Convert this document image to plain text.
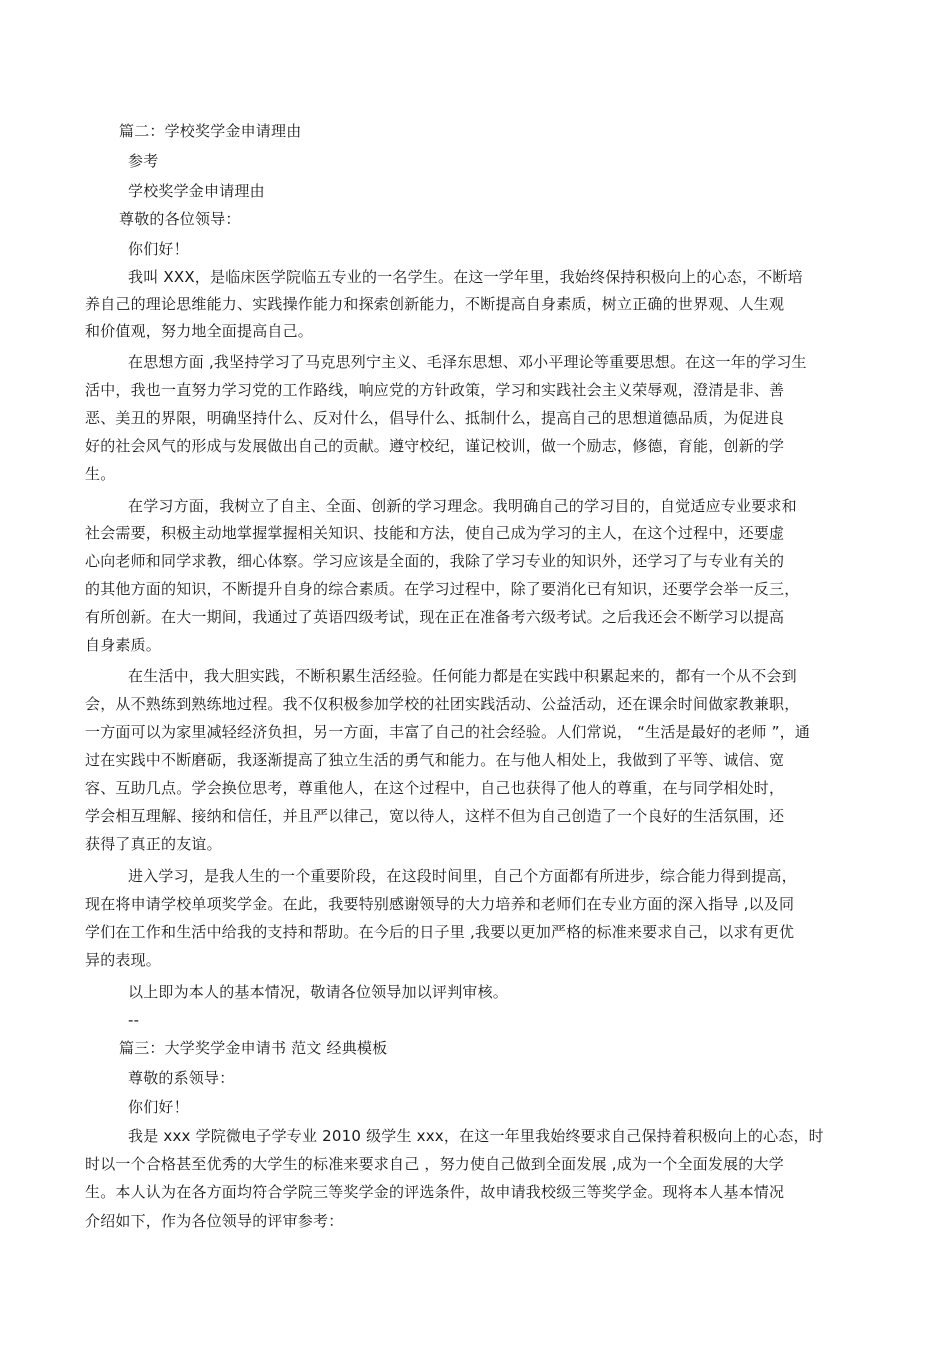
篇二：学校奖学金申请理由
参考
学校奖学金申请理由
尊敬的各位领导：
你们好！
我叫 XXX，是临床医学院临五专业的一名学生。在这一学年里，我始终保持积极向上的心态，不断培
养自己的理论思维能力、实践操作能力和探索创新能力，不断提高自身素质，树立正确的世界观、人生观
和价值观，努力地全面提高自己。
在思想方面 ,我坚持学习了马克思列宁主义、毛泽东思想、邓小平理论等重要思想。在这一年的学习生
活中，我也一直努力学习党的工作路线，响应党的方针政策，学习和实践社会主义荣辱观，澄清是非、善
恶、美丑的界限，明确坚持什么、反对什么，倡导什么、抵制什么，提高自己的思想道德品质，为促进良
好的社会风气的形成与发展做出自己的贡献。遵守校纪，谨记校训，做一个励志，修德，育能，创新的学
生。
在学习方面，我树立了自主、全面、创新的学习理念。我明确自己的学习目的，自觉适应专业要求和
社会需要，积极主动地掌握掌握相关知识、技能和方法，使自己成为学习的主人，在这个过程中，还要虚
心向老师和同学求教，细心体察。学习应该是全面的，我除了学习专业的知识外，还学习了与专业有关的
的其他方面的知识，不断提升自身的综合素质。在学习过程中，除了要消化已有知识，还要学会举一反三，
有所创新。在大一期间，我通过了英语四级考试，现在正在准备考六级考试。之后我还会不断学习以提高
自身素质。
在生活中，我大胆实践，不断积累生活经验。任何能力都是在实践中积累起来的，都有一个从不会到
会，从不熟练到熟练地过程。我不仅积极参加学校的社团实践活动、公益活动，还在课余时间做家教兼职，
一方面可以为家里减轻经济负担，另一方面，丰富了自己的社会经验。人们常说， “生活是最好的老师 ”，通
过在实践中不断磨砺，我逐渐提高了独立生活的勇气和能力。在与他人相处上，我做到了平等、诚信、宽
容、互助几点。学会换位思考，尊重他人，在这个过程中，自己也获得了他人的尊重，在与同学相处时，
学会相互理解、接纳和信任，并且严以律己，宽以待人，这样不但为自己创造了一个良好的生活氛围，还
获得了真正的友谊。
进入学习，是我人生的一个重要阶段，在这段时间里，自己个方面都有所进步，综合能力得到提高，
现在将申请学校单项奖学金。在此，我要特别感谢领导的大力培养和老师们在专业方面的深入指导 ,以及同
学们在工作和生活中给我的支持和帮助。在今后的日子里 ,我要以更加严格的标准来要求自己，以求有更优
异的表现。
以上即为本人的基本情况，敬请各位领导加以评判审核。
--
篇三：大学奖学金申请书 范文 经典模板
尊敬的系领导：
你们好！
我是 xxx 学院微电子学专业 2010 级学生 xxx，在这一年里我始终要求自己保持着积极向上的心态，时
时以一个合格甚至优秀的大学生的标准来要求自己 ，努力使自己做到全面发展 ,成为一个全面发展的大学
生。本人认为在各方面均符合学院三等奖学金的评选条件，故申请我校级三等奖学金。现将本人基本情况
介绍如下，作为各位领导的评审参考：
